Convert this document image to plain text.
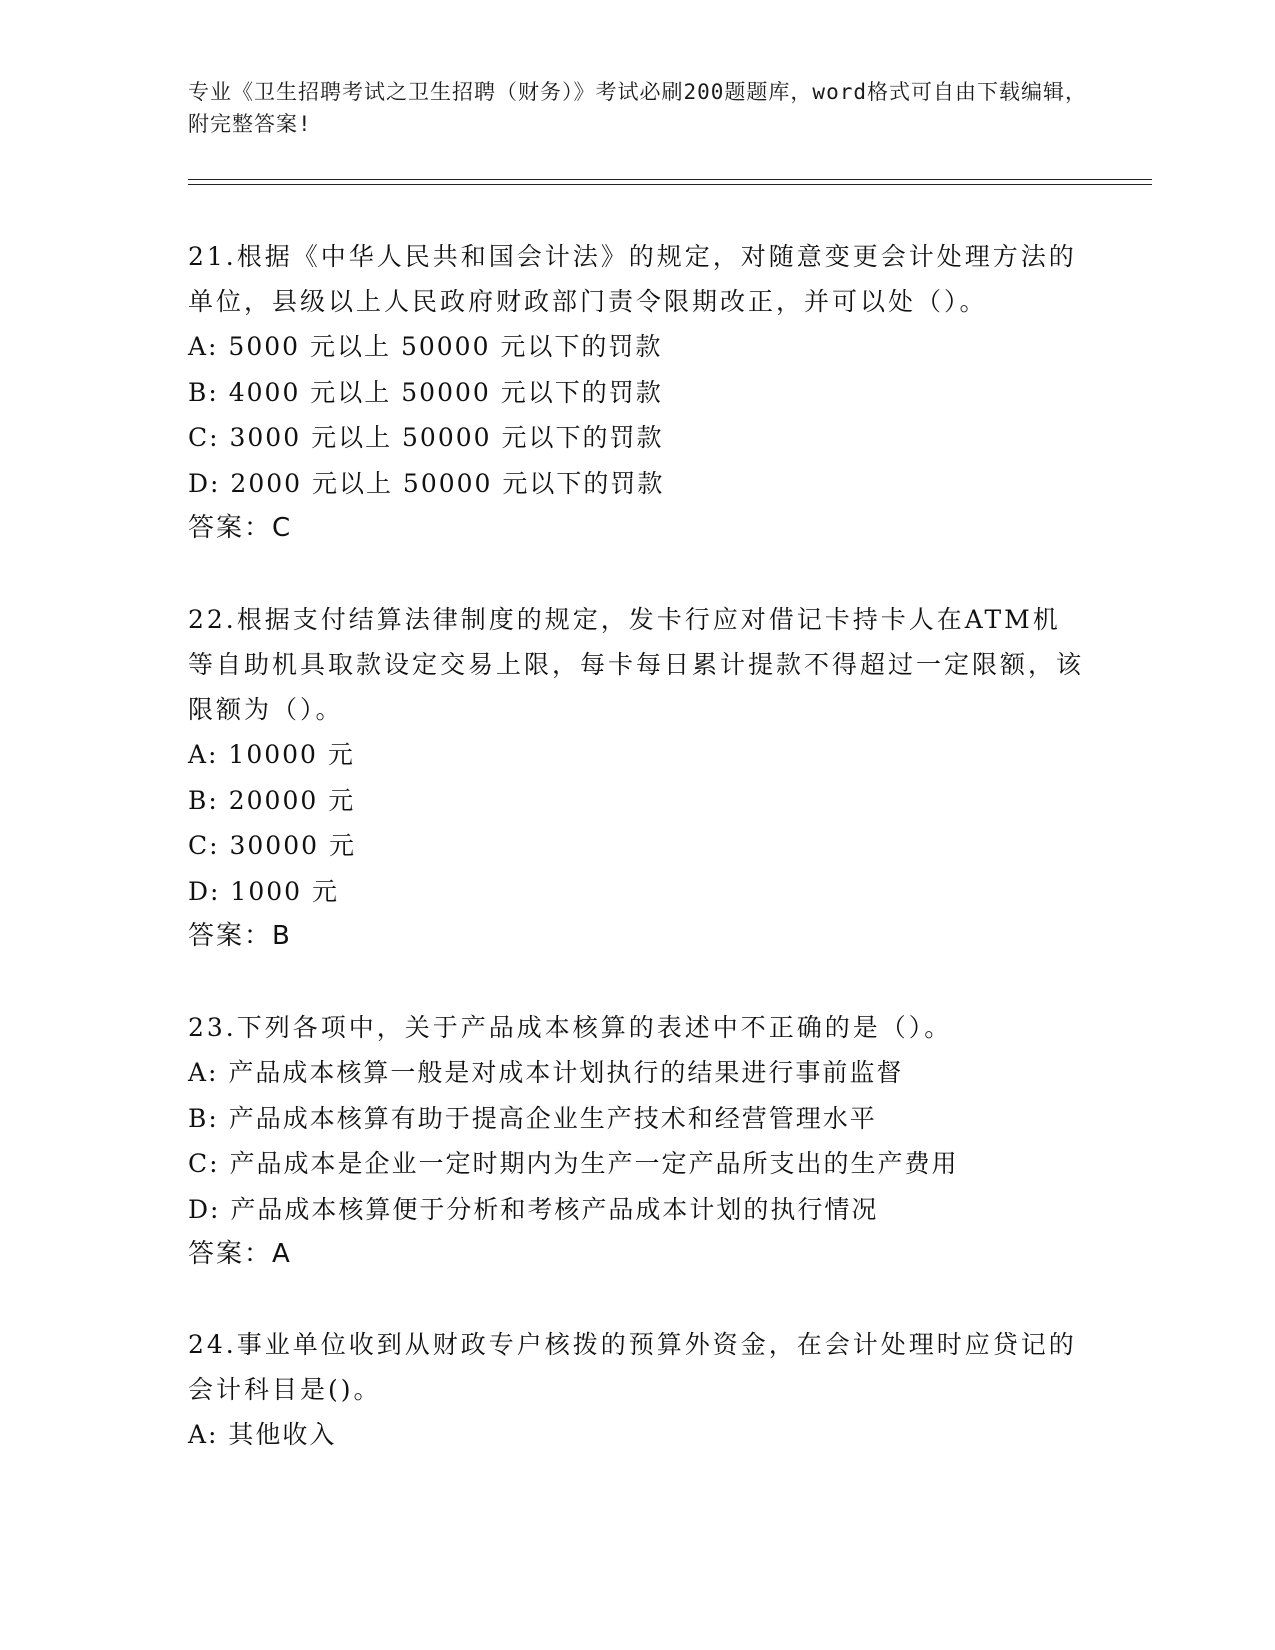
专业《卫生招聘考试之卫生招聘（财务）》考试必刷200题题库，word格式可自由下载编辑，附完整答案!

21.根据《中华人民共和国会计法》的规定，对随意变更会计处理方法的单位，县级以上人民政府财政部门责令限期改正，并可以处（）。

A: 5000 元以上 50000 元以下的罚款

B: 4000 元以上 50000 元以下的罚款

C: 3000 元以上 50000 元以下的罚款

D: 2000 元以上 50000 元以下的罚款

答案：C

22.根据支付结算法律制度的规定，发卡行应对借记卡持卡人在ATM机等自助机具取款设定交易上限，每卡每日累计提款不得超过一定限额，该限额为（）。

A: 10000 元

B: 20000 元

C: 30000 元

D: 1000 元

答案：B

23.下列各项中，关于产品成本核算的表述中不正确的是（）。

A: 产品成本核算一般是对成本计划执行的结果进行事前监督

B: 产品成本核算有助于提高企业生产技术和经营管理水平

C: 产品成本是企业一定时期内为生产一定产品所支出的生产费用

D: 产品成本核算便于分析和考核产品成本计划的执行情况

答案：A

24.事业单位收到从财政专户核拨的预算外资金，在会计处理时应贷记的会计科目是()。

A: 其他收入
